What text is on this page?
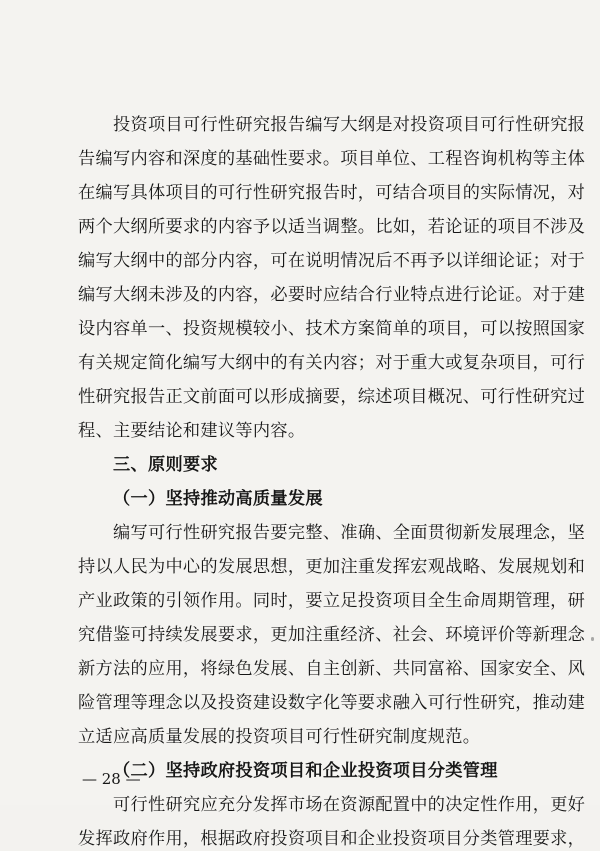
投资项目可行性研究报告编写大纲是对投资项目可行性研究报
告编写内容和深度的基础性要求。项目单位、工程咨询机构等主体
在编写具体项目的可行性研究报告时，可结合项目的实际情况，对
两个大纲所要求的内容予以适当调整。比如，若论证的项目不涉及
编写大纲中的部分内容，可在说明情况后不再予以详细论证；对于
编写大纲未涉及的内容，必要时应结合行业特点进行论证。对于建
设内容单一、投资规模较小、技术方案简单的项目，可以按照国家
有关规定简化编写大纲中的有关内容；对于重大或复杂项目，可行
性研究报告正文前面可以形成摘要，综述项目概况、可行性研究过
程、主要结论和建议等内容。
三、原则要求
（一）坚持推动高质量发展
编写可行性研究报告要完整、准确、全面贯彻新发展理念，坚
持以人民为中心的发展思想，更加注重发挥宏观战略、发展规划和
产业政策的引领作用。同时，要立足投资项目全生命周期管理，研
究借鉴可持续发展要求，更加注重经济、社会、环境评价等新理念
新方法的应用，将绿色发展、自主创新、共同富裕、国家安全、风
险管理等理念以及投资建设数字化等要求融入可行性研究，推动建
立适应高质量发展的投资项目可行性研究制度规范。
（二）坚持政府投资项目和企业投资项目分类管理
可行性研究应充分发挥市场在资源配置中的决定性作用，更好
发挥政府作用，根据政府投资项目和企业投资项目分类管理要求，
— 28 —
